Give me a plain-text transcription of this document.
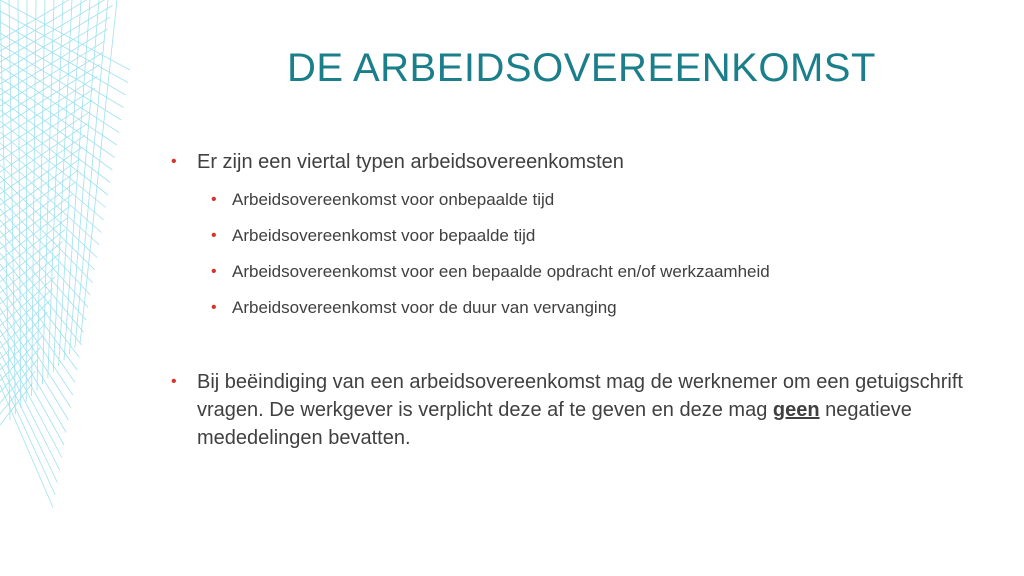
DE ARBEIDSOVEREENKOMST
• Er zijn een viertal typen arbeidsovereenkomsten
• Arbeidsovereenkomst voor onbepaalde tijd
• Arbeidsovereenkomst voor bepaalde tijd
• Arbeidsovereenkomst voor een bepaalde opdracht en/of werkzaamheid
• Arbeidsovereenkomst voor de duur van vervanging
• Bij beëindiging van een arbeidsovereenkomst mag de werknemer om een getuigschrift vragen. De werkgever is verplicht deze af te geven en deze mag geen negatieve mededelingen bevatten.
